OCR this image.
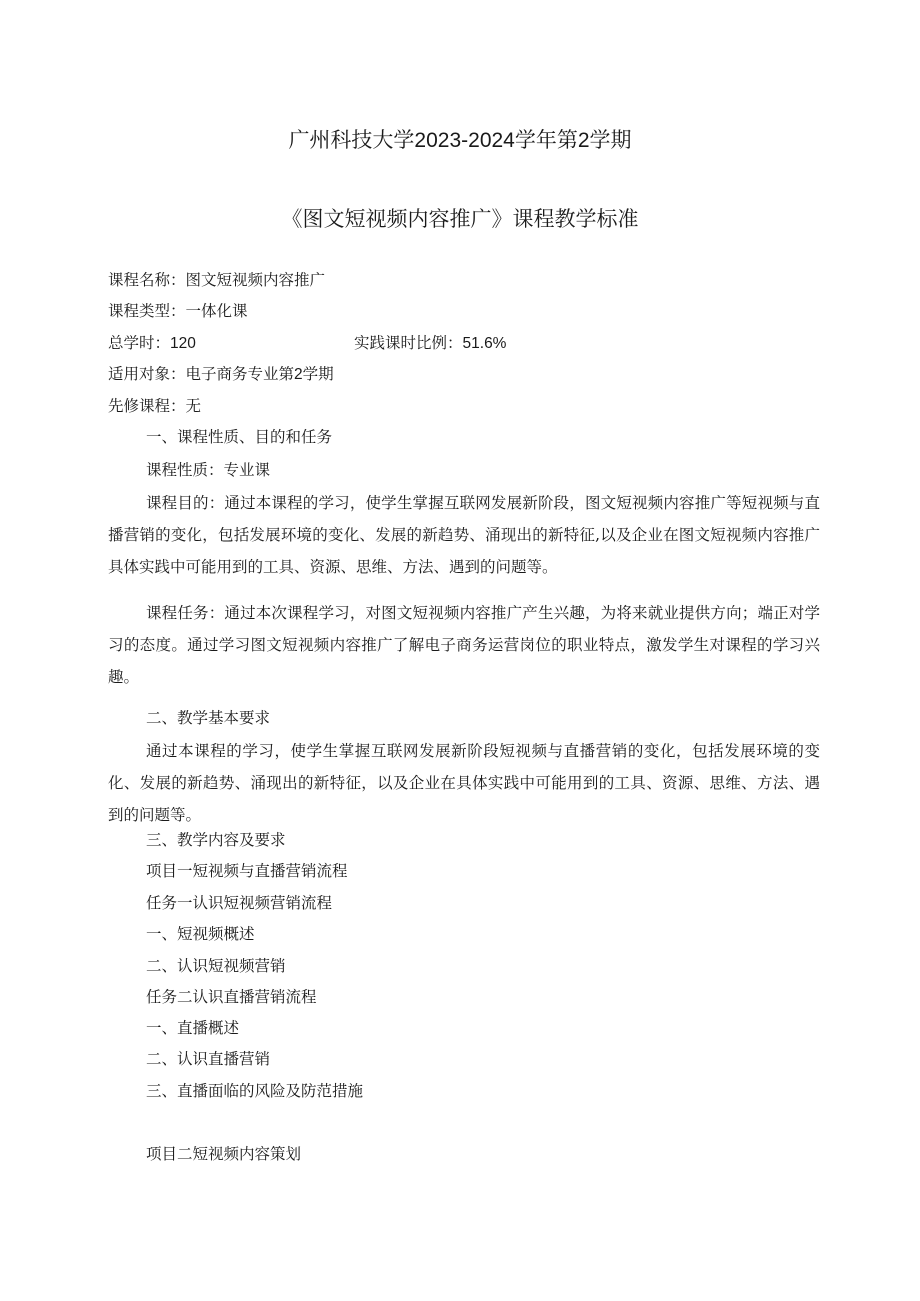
广州科技大学2023-2024学年第2学期
《图文短视频内容推广》课程教学标准
课程名称：图文短视频内容推广
课程类型：一体化课
总学时：120	实践课时比例：51.6%
适用对象：电子商务专业第2学期
先修课程：无
一、课程性质、目的和任务
课程性质：专业课
课程目的：通过本课程的学习，使学生掌握互联网发展新阶段，图文短视频内容推广等短视频与直播营销的变化，包括发展环境的变化、发展的新趋势、涌现出的新特征,以及企业在图文短视频内容推广具体实践中可能用到的工具、资源、思维、方法、遇到的问题等。
课程任务：通过本次课程学习，对图文短视频内容推广产生兴趣，为将来就业提供方向；端正对学习的态度。通过学习图文短视频内容推广了解电子商务运营岗位的职业特点，激发学生对课程的学习兴趣。
二、教学基本要求
通过本课程的学习，使学生掌握互联网发展新阶段短视频与直播营销的变化，包括发展环境的变化、发展的新趋势、涌现出的新特征，以及企业在具体实践中可能用到的工具、资源、思维、方法、遇到的问题等。
三、教学内容及要求
项目一短视频与直播营销流程
任务一认识短视频营销流程
一、短视频概述
二、认识短视频营销
任务二认识直播营销流程
一、直播概述
二、认识直播营销
三、直播面临的风险及防范措施
项目二短视频内容策划
